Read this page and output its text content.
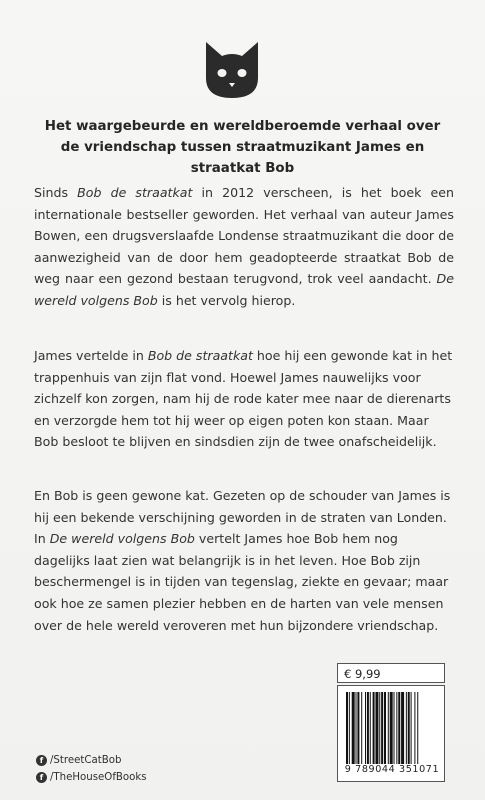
Het waargebeurde en wereldberoemde verhaal over de vriendschap tussen straatmuzikant James en straatkat Bob

Sinds Bob de straatkat in 2012 verscheen, is het boek een internationale bestseller geworden. Het verhaal van auteur James Bowen, een drugsverslaafde Londense straatmuzikant die door de aanwezigheid van de door hem geadopteerde straatkat Bob de weg naar een gezond bestaan terugvond, trok veel aandacht. De wereld volgens Bob is het vervolg hierop.

James vertelde in Bob de straatkat hoe hij een gewonde kat in het trappenhuis van zijn flat vond. Hoewel James nauwelijks voor zichzelf kon zorgen, nam hij de rode kater mee naar de dierenarts en verzorgde hem tot hij weer op eigen poten kon staan. Maar Bob besloot te blijven en sindsdien zijn de twee onafscheidelijk.

En Bob is geen gewone kat. Gezeten op de schouder van James is hij een bekende verschijning geworden in de straten van Londen. In De wereld volgens Bob vertelt James hoe Bob hem nog dagelijks laat zien wat belangrijk is in het leven. Hoe Bob zijn beschermengel is in tijden van tegenslag, ziekte en gevaar; maar ook hoe ze samen plezier hebben en de harten van vele mensen over de hele wereld veroveren met hun bijzondere vriendschap.

€ 9,99
9 789044 351071
f /StreetCatBob
f /TheHouseOfBooks
